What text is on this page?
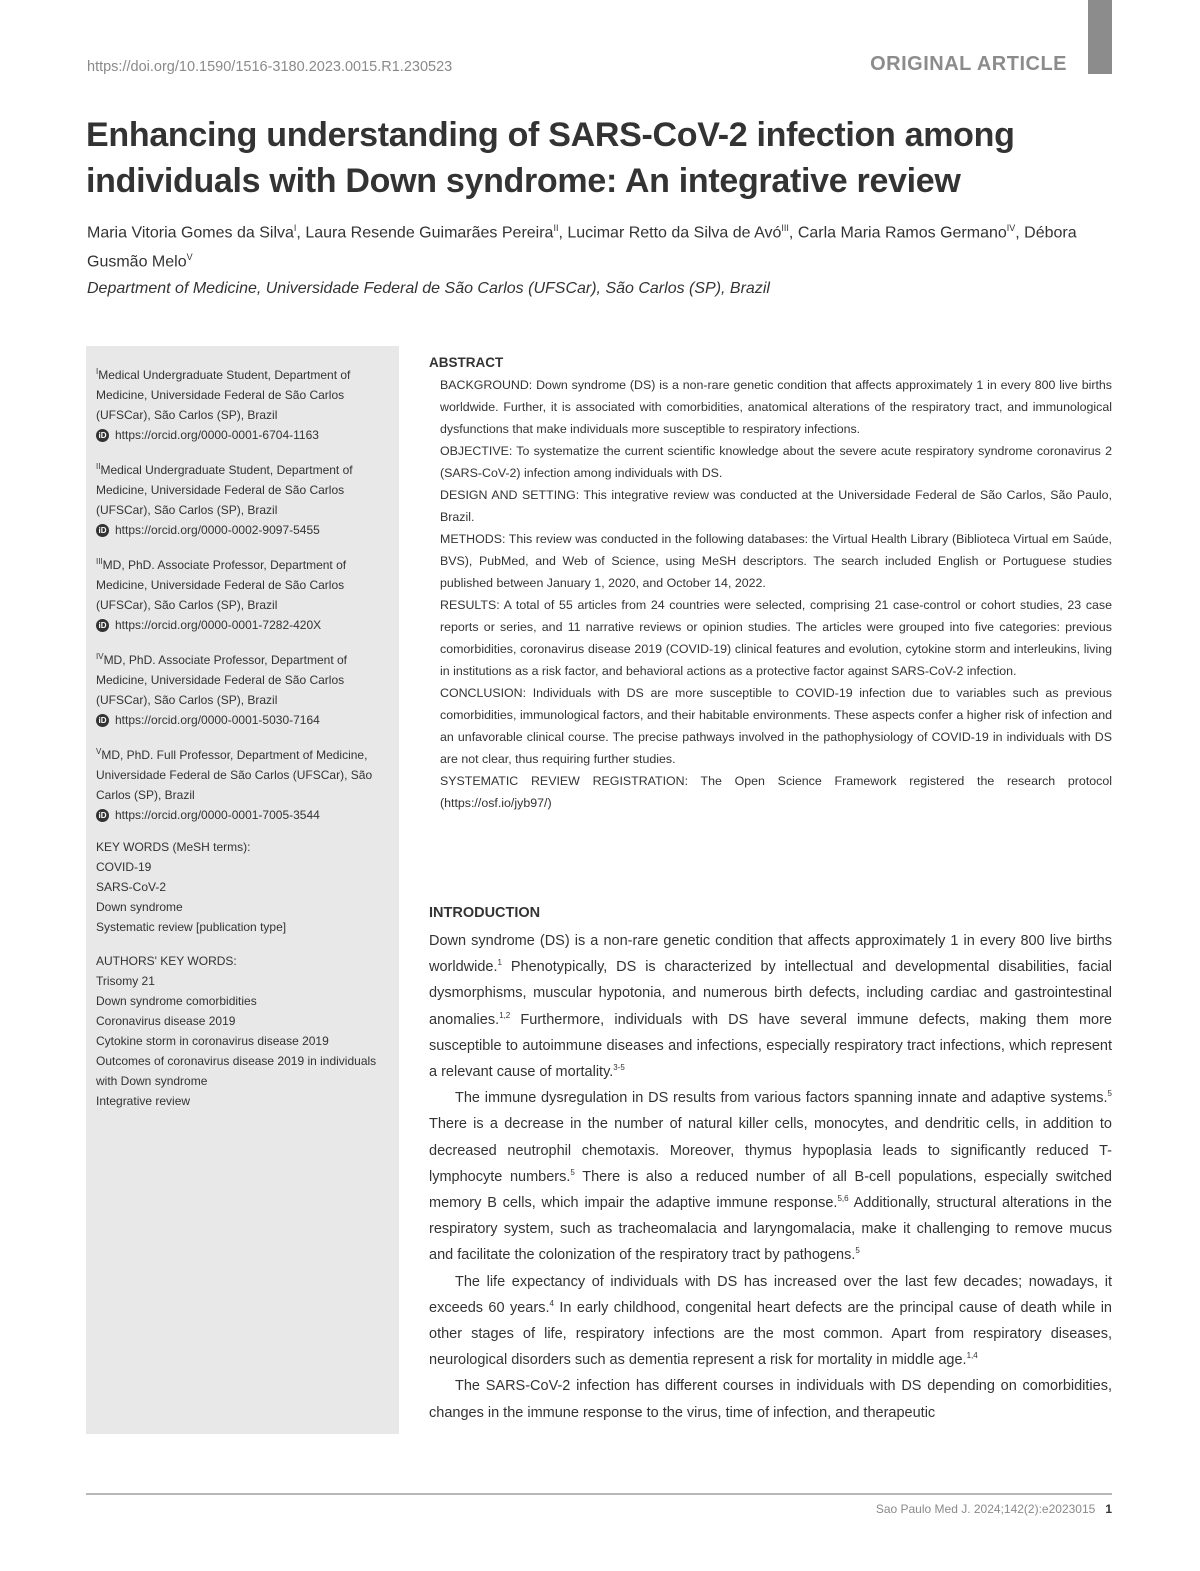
https://doi.org/10.1590/1516-3180.2023.0015.R1.230523	ORIGINAL ARTICLE
Enhancing understanding of SARS-CoV-2 infection among individuals with Down syndrome: An integrative review
Maria Vitoria Gomes da Silva$^I$, Laura Resende Guimarães Pereira$^{II}$, Lucimar Retto da Silva de Avó$^{III}$, Carla Maria Ramos Germano$^{IV}$, Débora Gusmão Melo$^V$
Department of Medicine, Universidade Federal de São Carlos (UFSCar), São Carlos (SP), Brazil
$^I$Medical Undergraduate Student, Department of Medicine, Universidade Federal de São Carlos (UFSCar), São Carlos (SP), Brazil
iD https://orcid.org/0000-0001-6704-1163
$^{II}$Medical Undergraduate Student, Department of Medicine, Universidade Federal de São Carlos (UFSCar), São Carlos (SP), Brazil
iD https://orcid.org/0000-0002-9097-5455
$^{III}$MD, PhD. Associate Professor, Department of Medicine, Universidade Federal de São Carlos (UFSCar), São Carlos (SP), Brazil
iD https://orcid.org/0000-0001-7282-420X
$^{IV}$MD, PhD. Associate Professor, Department of Medicine, Universidade Federal de São Carlos (UFSCar), São Carlos (SP), Brazil
iD https://orcid.org/0000-0001-5030-7164
$^V$MD, PhD. Full Professor, Department of Medicine, Universidade Federal de São Carlos (UFSCar), São Carlos (SP), Brazil
iD https://orcid.org/0000-0001-7005-3544
KEY WORDS (MeSH terms):
COVID-19
SARS-CoV-2
Down syndrome
Systematic review [publication type]
AUTHORS' KEY WORDS:
Trisomy 21
Down syndrome comorbidities
Coronavirus disease 2019
Cytokine storm in coronavirus disease 2019
Outcomes of coronavirus disease 2019 in individuals with Down syndrome
Integrative review
ABSTRACT

BACKGROUND: Down syndrome (DS) is a non-rare genetic condition that affects approximately 1 in every 800 live births worldwide. Further, it is associated with comorbidities, anatomical alterations of the respiratory tract, and immunological dysfunctions that make individuals more susceptible to respiratory infections.

OBJECTIVE: To systematize the current scientific knowledge about the severe acute respiratory syndrome coronavirus 2 (SARS-CoV-2) infection among individuals with DS.

DESIGN AND SETTING: This integrative review was conducted at the Universidade Federal de São Carlos, São Paulo, Brazil.

METHODS: This review was conducted in the following databases: the Virtual Health Library (Biblioteca Virtual em Saúde, BVS), PubMed, and Web of Science, using MeSH descriptors. The search included English or Portuguese studies published between January 1, 2020, and October 14, 2022.

RESULTS: A total of 55 articles from 24 countries were selected, comprising 21 case-control or cohort studies, 23 case reports or series, and 11 narrative reviews or opinion studies. The articles were grouped into five categories: previous comorbidities, coronavirus disease 2019 (COVID-19) clinical features and evolution, cytokine storm and interleukins, living in institutions as a risk factor, and behavioral actions as a protective factor against SARS-CoV-2 infection.

CONCLUSION: Individuals with DS are more susceptible to COVID-19 infection due to variables such as previous comorbidities, immunological factors, and their habitable environments. These aspects confer a higher risk of infection and an unfavorable clinical course. The precise pathways involved in the pathophysiology of COVID-19 in individuals with DS are not clear, thus requiring further studies.

SYSTEMATIC REVIEW REGISTRATION: The Open Science Framework registered the research protocol (https://osf.io/jyb97/)

INTRODUCTION

Down syndrome (DS) is a non-rare genetic condition that affects approximately 1 in every 800 live births worldwide.$^1$ Phenotypically, DS is characterized by intellectual and developmental disabilities, facial dysmorphisms, muscular hypotonia, and numerous birth defects, including cardiac and gastrointestinal anomalies.$^{1,2}$ Furthermore, individuals with DS have several immune defects, making them more susceptible to autoimmune diseases and infections, especially respiratory tract infections, which represent a relevant cause of mortality.$^{3-5}$

The immune dysregulation in DS results from various factors spanning innate and adaptive systems.$^5$ There is a decrease in the number of natural killer cells, monocytes, and dendritic cells, in addition to decreased neutrophil chemotaxis. Moreover, thymus hypoplasia leads to significantly reduced T-lymphocyte numbers.$^5$ There is also a reduced number of all B-cell populations, especially switched memory B cells, which impair the adaptive immune response.$^{5,6}$ Additionally, structural alterations in the respiratory system, such as tracheomalacia and laryngomalacia, make it challenging to remove mucus and facilitate the colonization of the respiratory tract by pathogens.$^5$

The life expectancy of individuals with DS has increased over the last few decades; nowadays, it exceeds 60 years.$^4$ In early childhood, congenital heart defects are the principal cause of death while in other stages of life, respiratory infections are the most common. Apart from respiratory diseases, neurological disorders such as dementia represent a risk for mortality in middle age.$^{1,4}$

The SARS-CoV-2 infection has different courses in individuals with DS depending on comorbidities, changes in the immune response to the virus, time of infection, and therapeutic

Sao Paulo Med J. 2024;142(2):e2023015 1
